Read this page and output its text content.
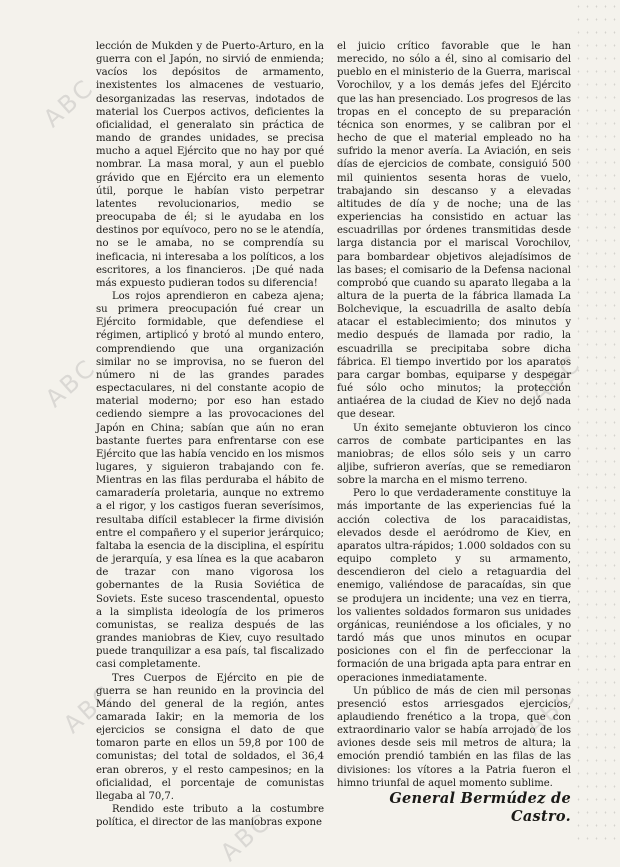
ABC
ABC
ABC
ABC
ABC
ABC

lección de Mukden y de Puerto-Arturo, en la guerra con el Japón, no sirvió de enmienda; vacíos los depósitos de armamento, inexistentes los almacenes de vestuario, desorganizadas las reservas, indotados de material los Cuerpos activos, deficientes la oficialidad, el generalato sin práctica de mando de grandes unidades, se precisa mucho a aquel Ejército que no hay por qué nombrar. La masa moral, y aun el pueblo grávido que en Ejército era un elemento útil, porque le habían visto perpetrar latentes revolucionarios, medio se preocupaba de él; si le ayudaba en los destinos por equívoco, pero no se le atendía, no se le amaba, no se comprendía su ineficacia, ni interesaba a los políticos, a los escritores, a los financieros. ¡De qué nada más expuesto pudieran todos su diferencia!

Los rojos aprendieron en cabeza ajena; su primera preocupación fué crear un Ejército formidable, que defendiese el régimen, artiplicó y brotó al mundo entero, comprendiendo que una organización similar no se improvisa, no se fueron del número ni de las grandes parades espectaculares, ni del constante acopio de material moderno; por eso han estado cediendo siempre a las provocaciones del Japón en China; sabían que aún no eran bastante fuertes para enfrentarse con ese Ejército que las había vencido en los mismos lugares, y siguieron trabajando con fe. Mientras en las filas perduraba el hábito de camaradería proletaria, aunque no extremo a el rigor, y los castigos fueran severísimos, resultaba difícil establecer la firme división entre el compañero y el superior jerárquico; faltaba la esencia de la disciplina, el espíritu de jerarquía, y esa línea es la que acabaron de trazar con mano vigorosa los gobernantes de la Rusia Soviética de Soviets. Este suceso trascendental, opuesto a la simplista ideología de los primeros comunistas, se realiza después de las grandes maniobras de Kiev, cuyo resultado puede tranquilizar a esa país, tal fiscalizado casi completamente.

Tres Cuerpos de Ejército en pie de guerra se han reunido en la provincia del Mando del general de la región, antes camarada Iakir; en la memoria de los ejercicios se consigna el dato de que tomaron parte en ellos un 59,8 por 100 de comunistas; del total de soldados, el 36,4 eran obreros, y el resto campesinos; en la oficialidad, el porcentaje de comunistas llegaba al 70,7.

Rendido este tributo a la costumbre política, el director de las maniobras expone

el juicio crítico favorable que le han merecido, no sólo a él, sino al comisario del pueblo en el ministerio de la Guerra, mariscal Vorochilov, y a los demás jefes del Ejército que las han presenciado. Los progresos de las tropas en el concepto de su preparación técnica son enormes, y se calibran por el hecho de que el material empleado no ha sufrido la menor avería. La Aviación, en seis días de ejercicios de combate, consiguió 500 mil quinientos sesenta horas de vuelo, trabajando sin descanso y a elevadas altitudes de día y de noche; una de las experiencias ha consistido en actuar las escuadrillas por órdenes transmitidas desde larga distancia por el mariscal Vorochilov, para bombardear objetivos alejadísimos de las bases; el comisario de la Defensa nacional comprobó que cuando su aparato llegaba a la altura de la puerta de la fábrica llamada La Bolchevique, la escuadrilla de asalto debía atacar el establecimiento; dos minutos y medio después de llamada por radio, la escuadrilla se precipitaba sobre dicha fábrica. El tiempo invertido por los aparatos para cargar bombas, equiparse y despegar fué sólo ocho minutos; la protección antiaérea de la ciudad de Kiev no dejó nada que desear.

Un éxito semejante obtuvieron los cinco carros de combate participantes en las maniobras; de ellos sólo seis y un carro aljibe, sufrieron averías, que se remediaron sobre la marcha en el mismo terreno.

Pero lo que verdaderamente constituye la más importante de las experiencias fué la acción colectiva de los paracaidistas, elevados desde el aeródromo de Kiev, en aparatos ultra-rápidos; 1.000 soldados con su equipo completo y su armamento, descendieron del cielo a retaguardia del enemigo, valiéndose de paracaídas, sin que se produjera un incidente; una vez en tierra, los valientes soldados formaron sus unidades orgánicas, reuniéndose a los oficiales, y no tardó más que unos minutos en ocupar posiciones con el fin de perfeccionar la formación de una brigada apta para entrar en operaciones inmediatamente.

Un público de más de cien mil personas presenció estos arriesgados ejercicios, aplaudiendo frenético a la tropa, que con extraordinario valor se había arrojado de los aviones desde seis mil metros de altura; la emoción prendió también en las filas de las divisiones: los vítores a la Patria fueron el himno triunfal de aquel momento sublime.

General Bermúdez de Castro.
